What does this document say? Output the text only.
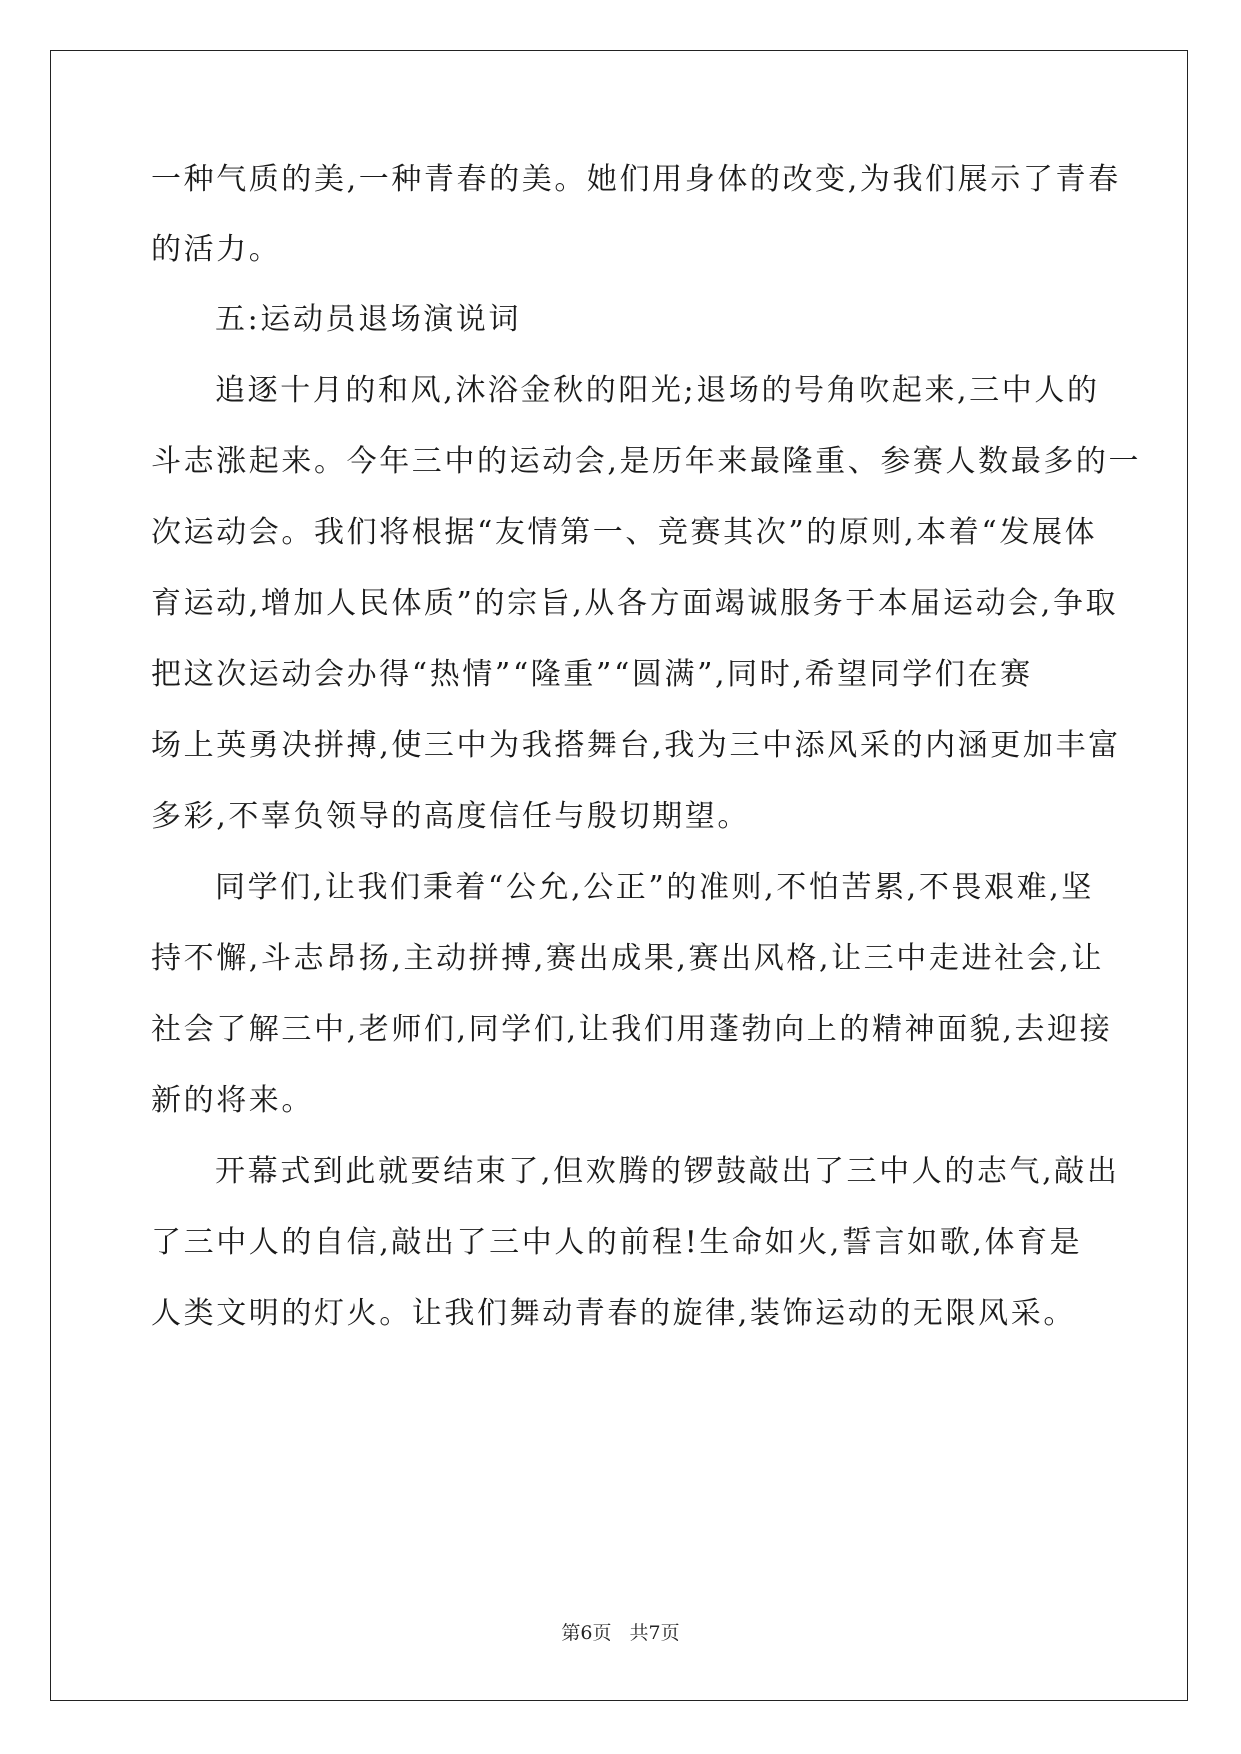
一种气质的美,一种青春的美。她们用身体的改变,为我们展示了青春
的活力。
五:运动员退场演说词
追逐十月的和风,沐浴金秋的阳光;退场的号角吹起来,三中人的
斗志涨起来。今年三中的运动会,是历年来最隆重、参赛人数最多的一
次运动会。我们将根据“友情第一、竞赛其次”的原则,本着“发展体
育运动,增加人民体质”的宗旨,从各方面竭诚服务于本届运动会,争取
把这次运动会办得“热情”“隆重”“圆满”,同时,希望同学们在赛
场上英勇决拼搏,使三中为我搭舞台,我为三中添风采的内涵更加丰富
多彩,不辜负领导的高度信任与殷切期望。
同学们,让我们秉着“公允,公正”的准则,不怕苦累,不畏艰难,坚
持不懈,斗志昂扬,主动拼搏,赛出成果,赛出风格,让三中走进社会,让
社会了解三中,老师们,同学们,让我们用蓬勃向上的精神面貌,去迎接
新的将来。
开幕式到此就要结束了,但欢腾的锣鼓敲出了三中人的志气,敲出
了三中人的自信,敲出了三中人的前程!生命如火,誓言如歌,体育是
人类文明的灯火。让我们舞动青春的旋律,装饰运动的无限风采。
第6页 共7页
